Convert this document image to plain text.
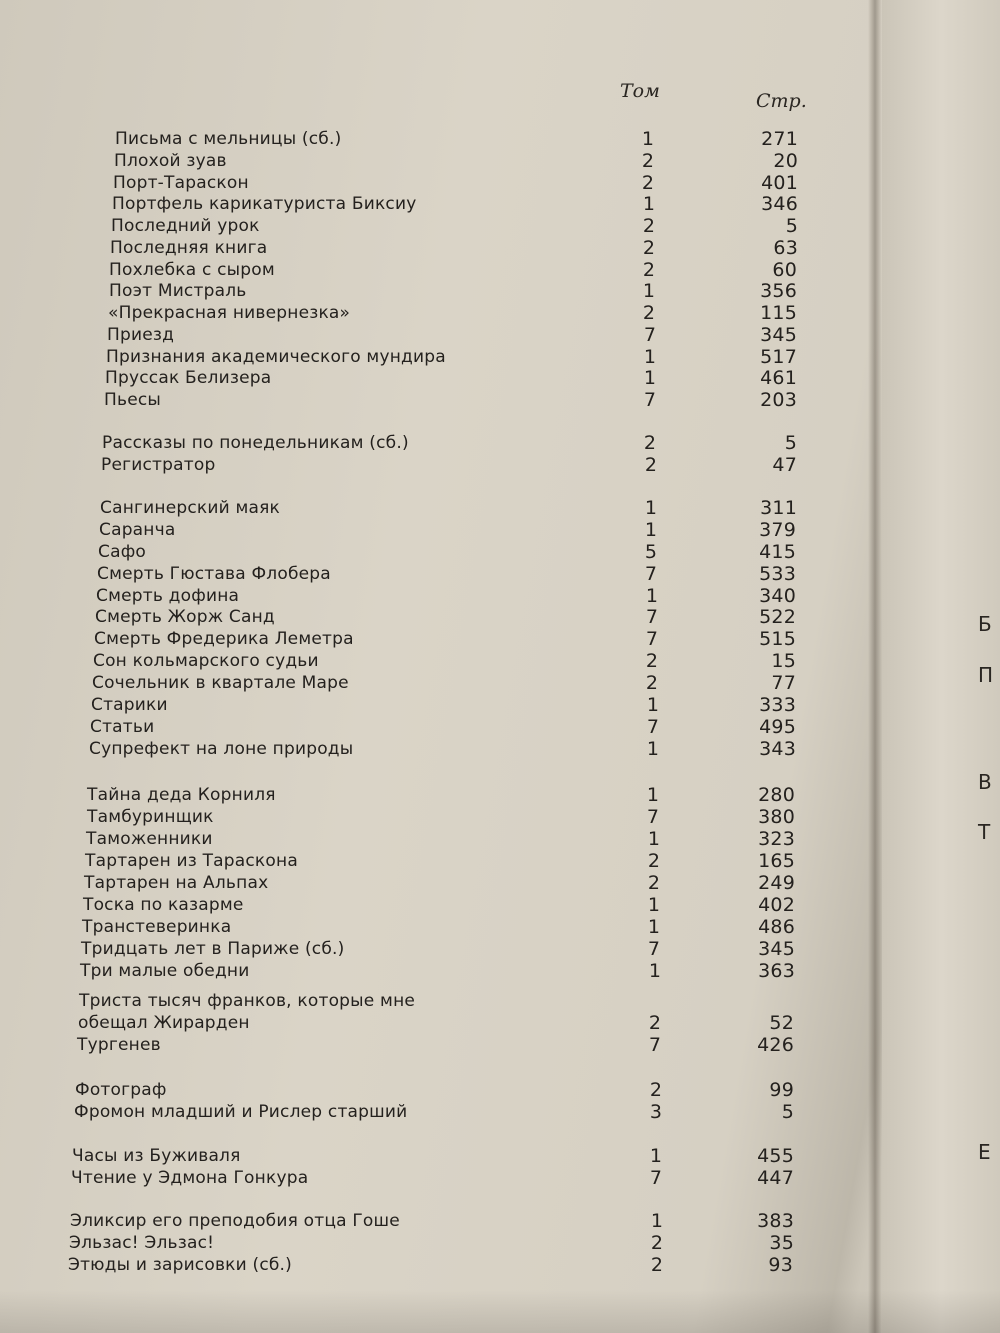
Том	Стр.
Письма с мельницы (сб.)	1	271
Плохой зуав	2	20
Порт-Тараскон	2	401
Портфель карикатуриста Биксиу	1	346
Последний урок	2	5
Последняя книга	2	63
Похлебка с сыром	2	60
Поэт Мистраль	1	356
«Прекрасная нивернезка»	2	115
Приезд	7	345
Признания академического мундира	1	517
Пруссак Белизера	1	461
Пьесы	7	203
Рассказы по понедельникам (сб.)	2	5
Регистратор	2	47
Сангинерский маяк	1	311
Саранча	1	379
Сафо	5	415
Смерть Гюстава Флобера	7	533
Смерть дофина	1	340
Смерть Жорж Санд	7	522
Смерть Фредерика Леметра	7	515
Сон кольмарского судьи	2	15
Сочельник в квартале Маре	2	77
Старики	1	333
Статьи	7	495
Супрефект на лоне природы	1	343
Тайна деда Корниля	1	280
Тамбуринщик	7	380
Таможенники	1	323
Тартарен из Тараскона	2	165
Тартарен на Альпах	2	249
Тоска по казарме	1	402
Транстеверинка	1	486
Тридцать лет в Париже (сб.)	7	345
Три малые обедни	1	363
Триста тысяч франков, которые мне
обещал Жирарден	2	52
Тургенев	7	426
Фотограф	2	99
Фромон младший и Рислер старший	3	5
Часы из Буживаля	1	455
Чтение у Эдмона Гонкура	7	447
Эликсир его преподобия отца Гоше	1	383
Эльзас! Эльзас!	2	35
Этюды и зарисовки (сб.)	2	93
Б
П
В
Т
Е
